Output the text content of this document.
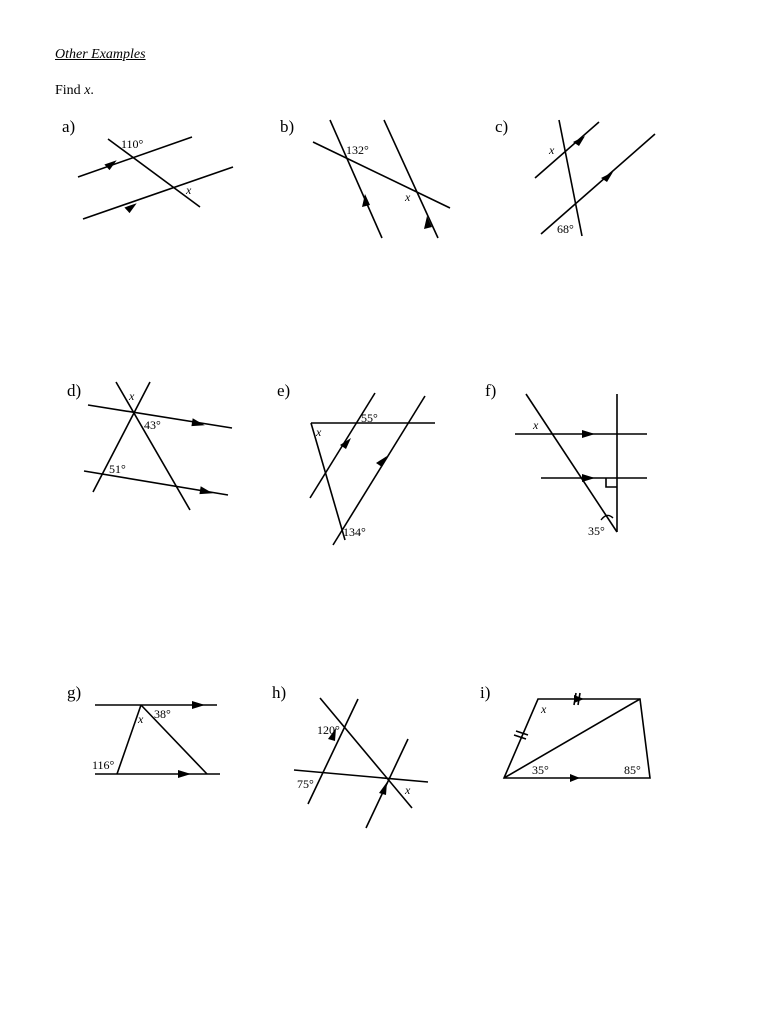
Other Examples
Find x.
a)
110°
x
b)
132°
x
c)
x
68°
d)	x
43°
51°
e)
x
55°
134°
f)
x
35°
g)
x 38°
116°
h)
120°
75°	x
i)
x
35°	85°
